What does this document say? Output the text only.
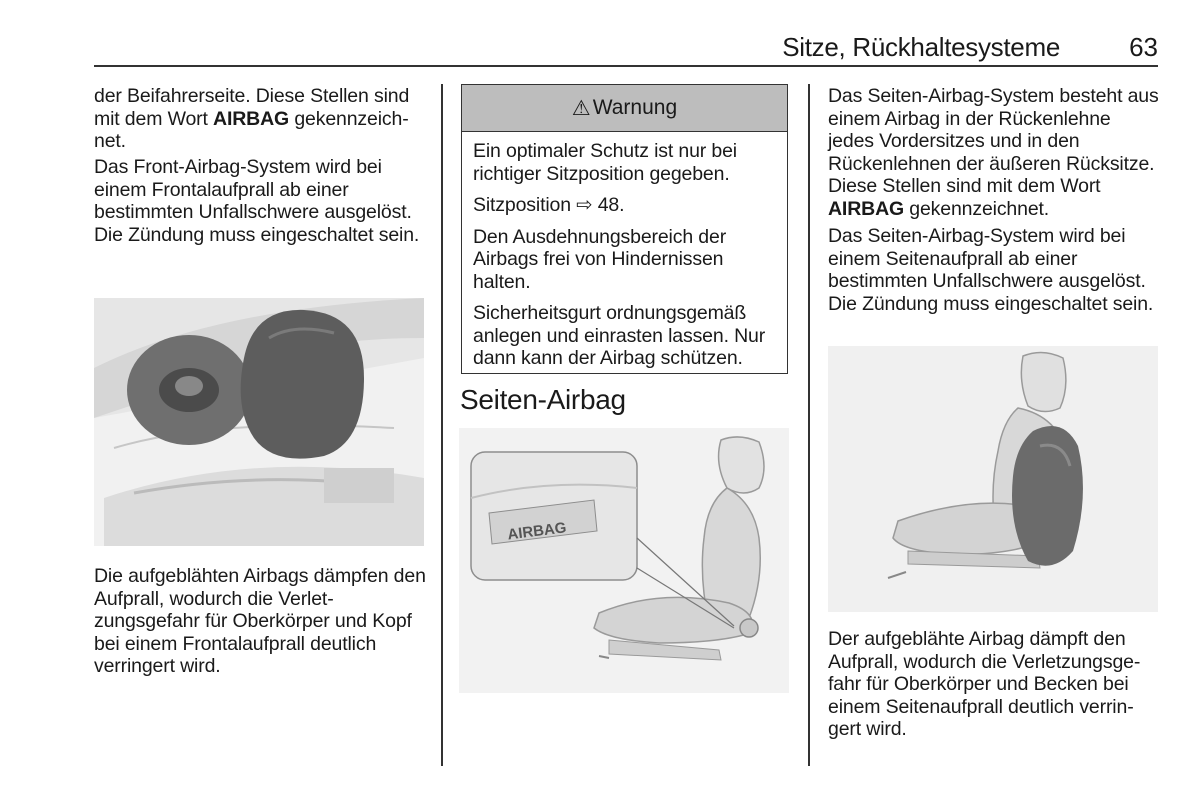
Sitze, Rückhaltesysteme	63

der Beifahrerseite. Diese Stellen sind mit dem Wort AIRBAG gekennzeichnet.

Das Front-Airbag-System wird bei einem Frontalaufprall ab einer bestimmten Unfallschwere ausgelöst. Die Zündung muss eingeschaltet sein.

Die aufgeblähten Airbags dämpfen den Aufprall, wodurch die Verletzungsgefahr für Oberkörper und Kopf bei einem Frontalaufprall deutlich verringert wird.

⚠ Warnung

Ein optimaler Schutz ist nur bei richtiger Sitzposition gegeben.

Sitzposition ⇨ 48.

Den Ausdehnungsbereich der Airbags frei von Hindernissen halten.

Sicherheitsgurt ordnungsgemäß anlegen und einrasten lassen. Nur dann kann der Airbag schützen.

Seiten-Airbag
AIRBAG

Das Seiten-Airbag-System besteht aus einem Airbag in der Rückenlehne jedes Vordersitzes und in den Rückenlehnen der äußeren Rücksitze. Diese Stellen sind mit dem Wort AIRBAG gekennzeichnet.

Das Seiten-Airbag-System wird bei einem Seitenaufprall ab einer bestimmten Unfallschwere ausgelöst. Die Zündung muss eingeschaltet sein.

Der aufgeblähte Airbag dämpft den Aufprall, wodurch die Verletzungsgefahr für Oberkörper und Becken bei einem Seitenaufprall deutlich verringert wird.
